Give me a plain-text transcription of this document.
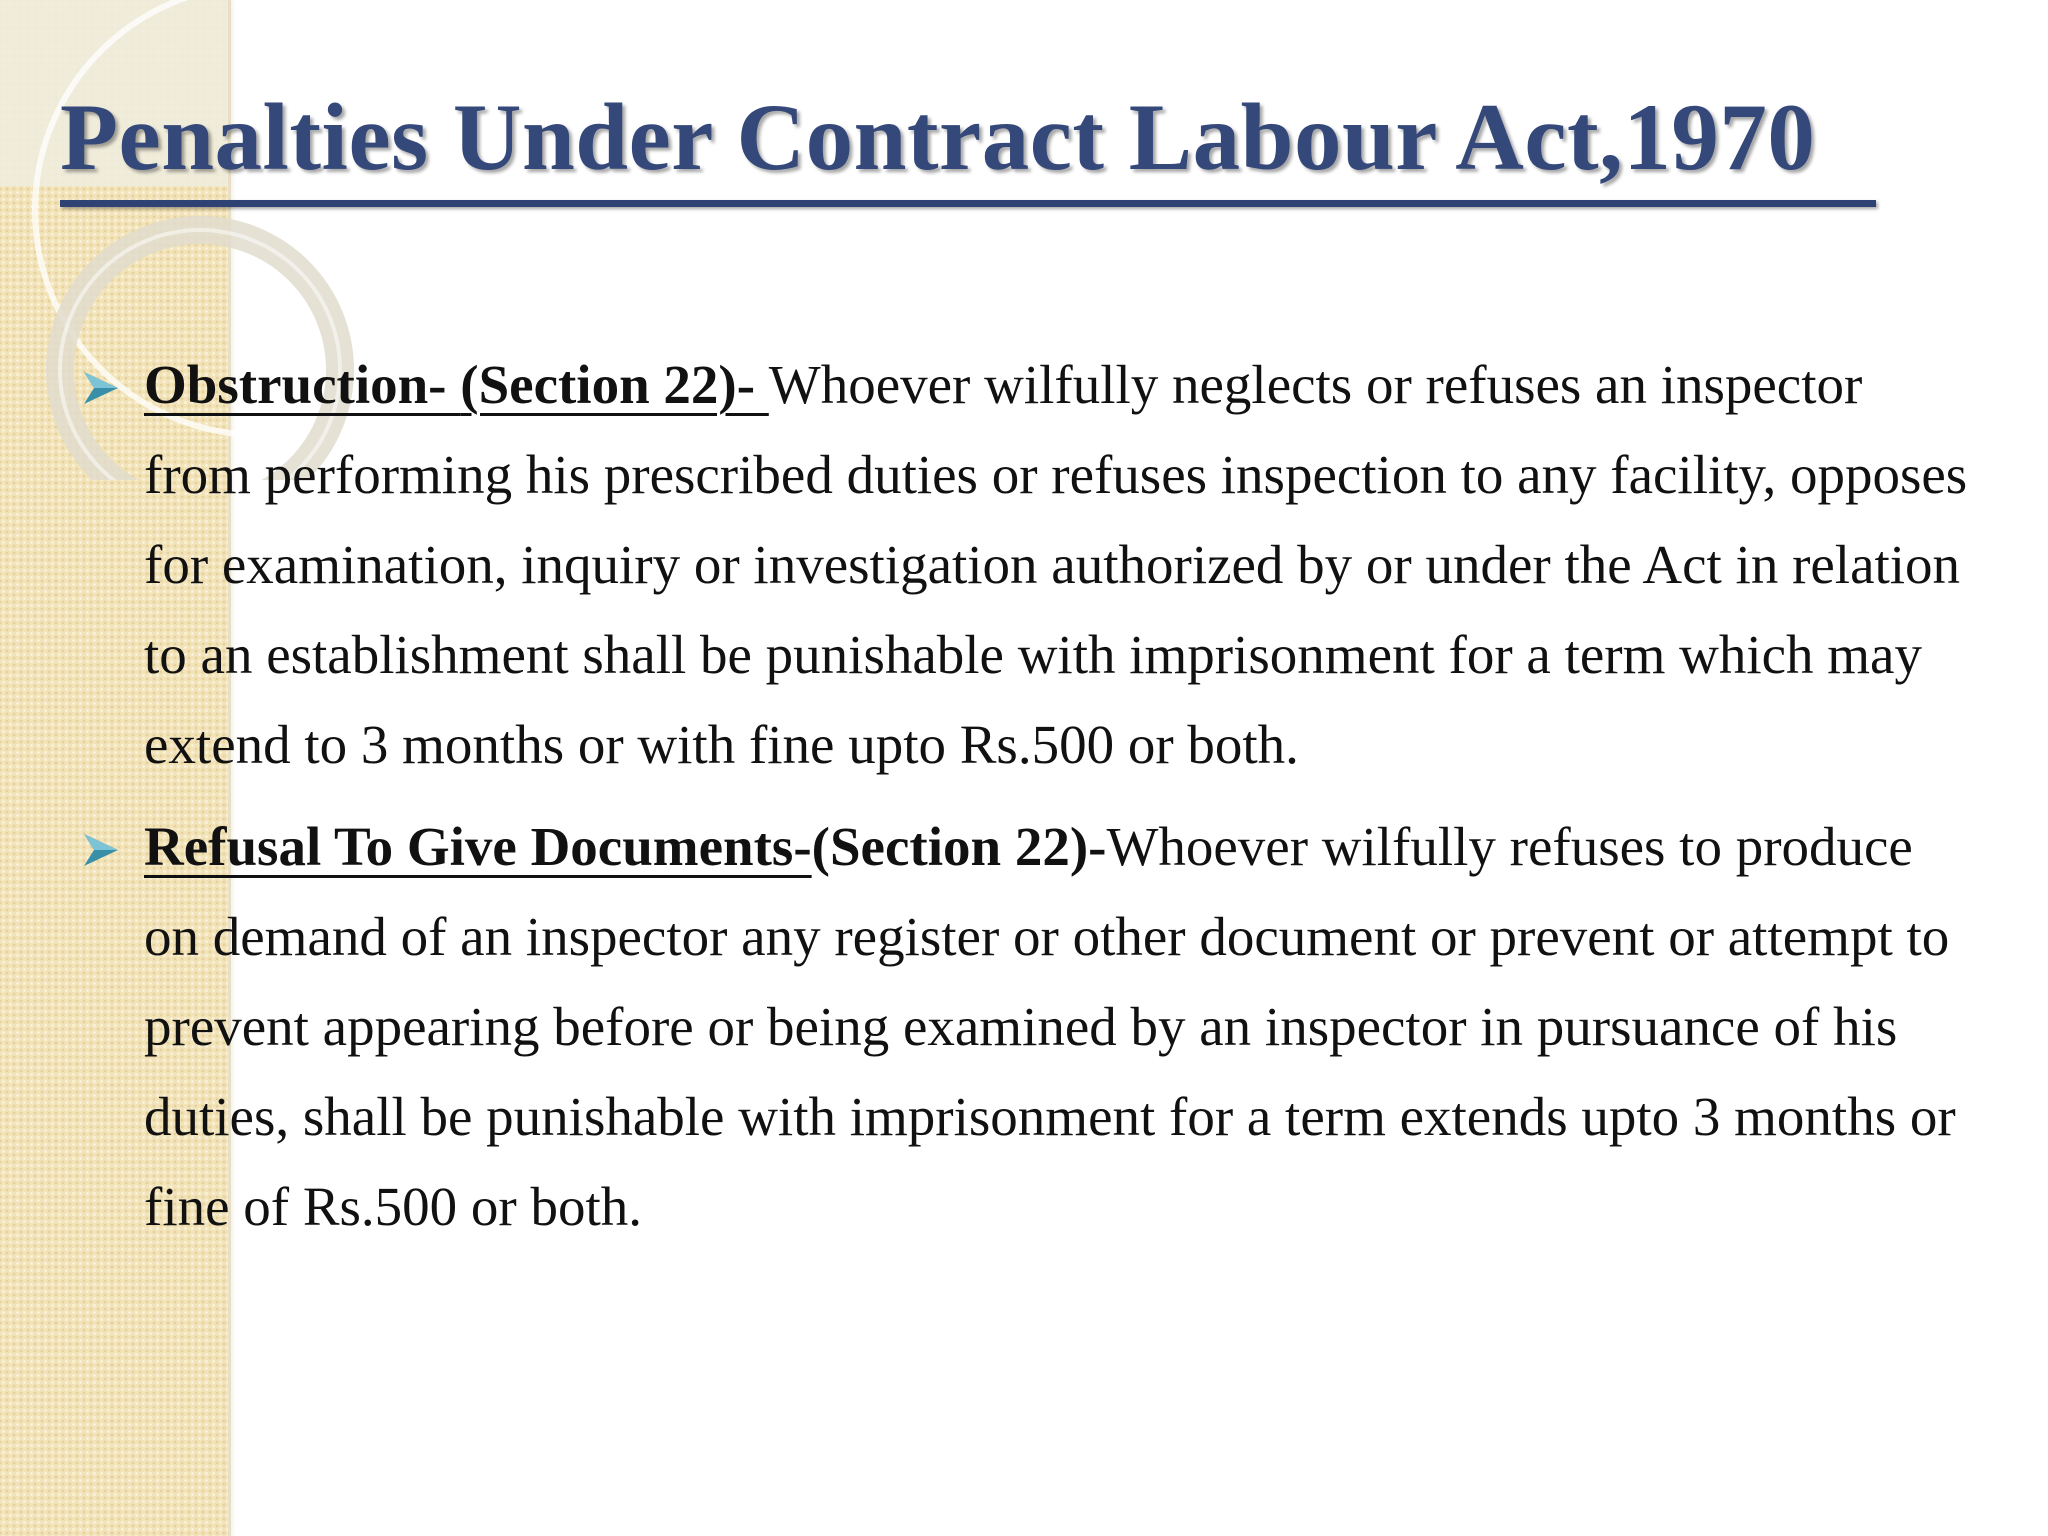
Penalties Under Contract Labour Act,1970

Obstruction- (Section 22)- Whoever wilfully neglects or refuses an inspector from performing his prescribed duties or refuses inspection to any facility, opposes for examination, inquiry or investigation authorized by or under the Act in relation to an establishment shall be punishable with imprisonment for a term which may extend to 3 months or with fine upto Rs.500 or both.

Refusal To Give Documents-(Section 22)-Whoever wilfully refuses to produce on demand of an inspector any register or other document or prevent or attempt to prevent appearing before or being examined by an inspector in pursuance of his duties, shall be punishable with imprisonment for a term extends upto 3 months or fine of Rs.500 or both.
